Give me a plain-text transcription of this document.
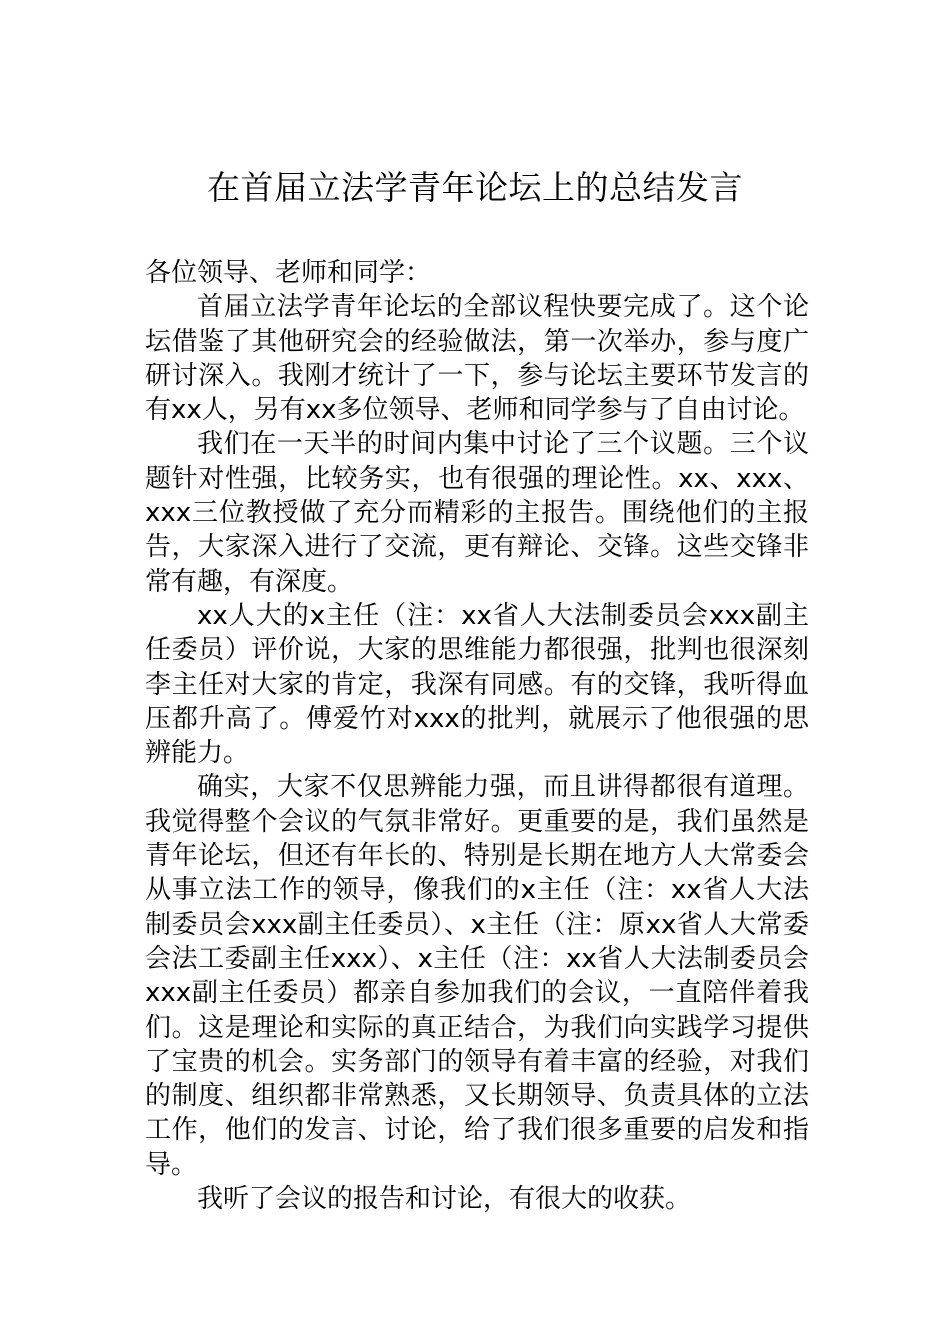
在首届立法学青年论坛上的总结发言

各位领导、老师和同学：

首届立法学青年论坛的全部议程快要完成了。这个论坛借鉴了其他研究会的经验做法，第一次举办，参与度广研讨深入。我刚才统计了一下，参与论坛主要环节发言的有xx人，另有xx多位领导、老师和同学参与了自由讨论。

我们在一天半的时间内集中讨论了三个议题。三个议题针对性强，比较务实，也有很强的理论性。xx、xxx、xxx三位教授做了充分而精彩的主报告。围绕他们的主报告，大家深入进行了交流，更有辩论、交锋。这些交锋非常有趣，有深度。

xx人大的x主任（注：xx省人大法制委员会xxx副主任委员）评价说，大家的思维能力都很强，批判也很深刻李主任对大家的肯定，我深有同感。有的交锋，我听得血压都升高了。傅爱竹对xxx的批判，就展示了他很强的思辨能力。

确实，大家不仅思辨能力强，而且讲得都很有道理。我觉得整个会议的气氛非常好。更重要的是，我们虽然是青年论坛，但还有年长的、特别是长期在地方人大常委会从事立法工作的领导，像我们的x主任（注：xx省人大法制委员会xxx副主任委员）、x主任（注：原xx省人大常委会法工委副主任xxx）、x主任（注：xx省人大法制委员会xxx副主任委员）都亲自参加我们的会议，一直陪伴着我们。这是理论和实际的真正结合，为我们向实践学习提供了宝贵的机会。实务部门的领导有着丰富的经验，对我们的制度、组织都非常熟悉，又长期领导、负责具体的立法工作，他们的发言、讨论，给了我们很多重要的启发和指导。

我听了会议的报告和讨论，有很大的收获。
